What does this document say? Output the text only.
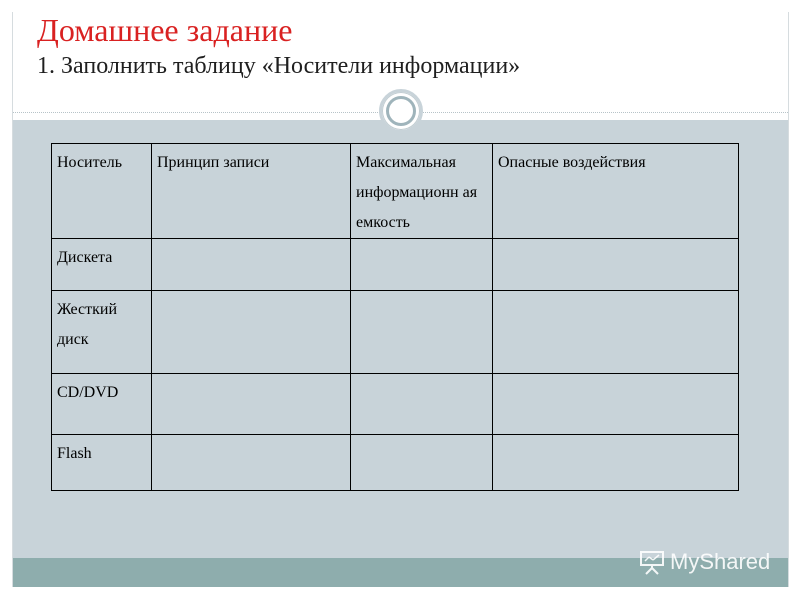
Домашнее задание
1. Заполнить таблицу «Носители информации»
Носитель	Принцип записи	Максимальная информационн ая емкость	Опасные воздействия
Дискета			
Жесткий диск			
CD/DVD			
Flash			
MyShared
